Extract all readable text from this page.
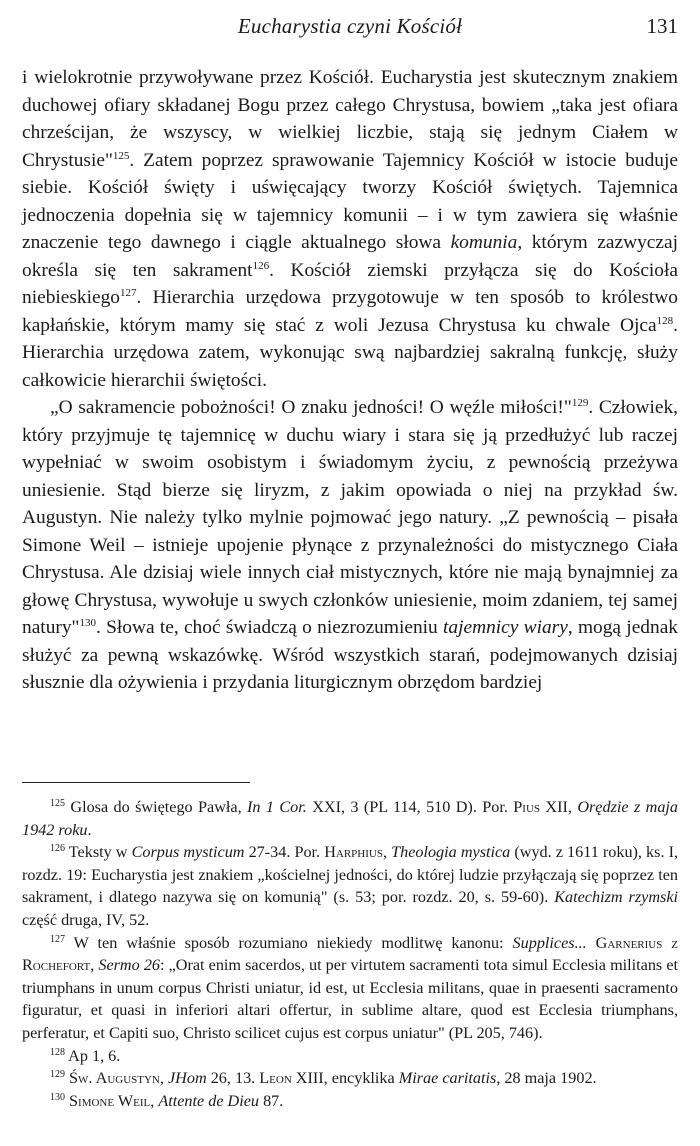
Eucharystia czyni Kościół	131

i wielokrotnie przywoływane przez Kościół. Eucharystia jest skutecznym znakiem duchowej ofiary składanej Bogu przez całego Chrystusa, bowiem „taka jest ofiara chrześcijan, że wszyscy, w wielkiej liczbie, stają się jednym Ciałem w Chrystusie"$^{125}$. Zatem poprzez sprawowanie Tajemnicy Kościół w istocie buduje siebie. Kościół święty i uświęcający tworzy Kościół świętych. Tajemnica jednoczenia dopełnia się w tajemnicy komunii – i w tym zawiera się właśnie znaczenie tego dawnego i ciągle aktualnego słowa komunia, którym zazwyczaj określa się ten sakrament$^{126}$. Kościół ziemski przyłącza się do Kościoła niebieskiego$^{127}$. Hierarchia urzędowa przygotowuje w ten sposób to królestwo kapłańskie, którym mamy się stać z woli Jezusa Chrystusa ku chwale Ojca$^{128}$. Hierarchia urzędowa zatem, wykonując swą najbardziej sakralną funkcję, służy całkowicie hierarchii świętości.

„O sakramencie pobożności! O znaku jedności! O węźle miłości!"$^{129}$. Człowiek, który przyjmuje tę tajemnicę w duchu wiary i stara się ją przedłużyć lub raczej wypełniać w swoim osobistym i świadomym życiu, z pewnością przeżywa uniesienie. Stąd bierze się liryzm, z jakim opowiada o niej na przykład św. Augustyn. Nie należy tylko mylnie pojmować jego natury. „Z pewnością – pisała Simone Weil – istnieje upojenie płynące z przynależności do mistycznego Ciała Chrystusa. Ale dzisiaj wiele innych ciał mistycznych, które nie mają bynajmniej za głowę Chrystusa, wywołuje u swych członków uniesienie, moim zdaniem, tej samej natury"$^{130}$. Słowa te, choć świadczą o niezrozumieniu tajemnicy wiary, mogą jednak służyć za pewną wskazówkę. Wśród wszystkich starań, podejmowanych dzisiaj słusznie dla ożywienia i przydania liturgicznym obrzędom bardziej

$^{125}$ Glosa do świętego Pawła, In 1 Cor. XXI, 3 (PL 114, 510 D). Por. Pius XII, Orędzie z maja 1942 roku.

$^{126}$ Teksty w Corpus mysticum 27-34. Por. Harphius, Theologia mystica (wyd. z 1611 roku), ks. I, rozdz. 19: Eucharystia jest znakiem „kościelnej jedności, do której ludzie przyłączają się poprzez ten sakrament, i dlatego nazywa się on komunią" (s. 53; por. rozdz. 20, s. 59-60). Katechizm rzymski część druga, IV, 52.

$^{127}$ W ten właśnie sposób rozumiano niekiedy modlitwę kanonu: Supplices... Garnerius z Rochefort, Sermo 26: „Orat enim sacerdos, ut per virtutem sacramenti tota simul Ecclesia militans et triumphans in unum corpus Christi uniatur, id est, ut Ecclesia militans, quae in praesenti sacramento figuratur, et quasi in inferiori altari offertur, in sublime altare, quod est Ecclesia triumphans, perferatur, et Capiti suo, Christo scilicet cujus est corpus uniatur" (PL 205, 746).

$^{128}$ Ap 1, 6.

$^{129}$ Św. Augustyn, JHom 26, 13. Leon XIII, encyklika Mirae caritatis, 28 maja 1902.

$^{130}$ Simone Weil, Attente de Dieu 87.
